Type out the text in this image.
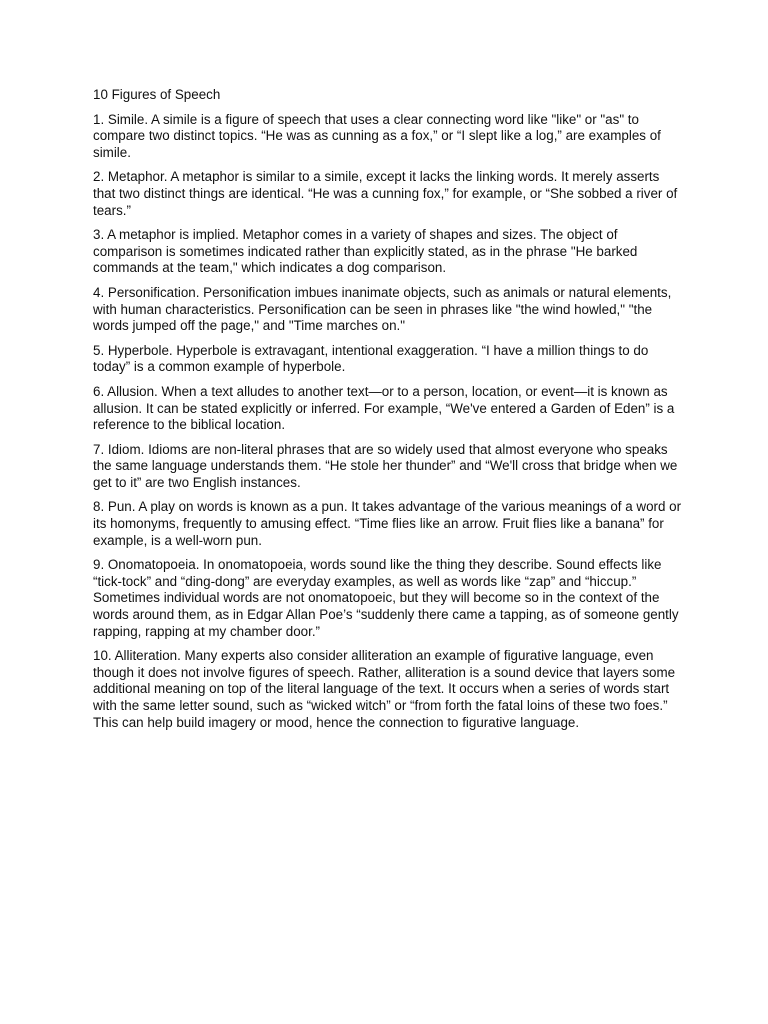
10 Figures of Speech

1. Simile. A simile is a figure of speech that uses a clear connecting word like "like" or "as" to compare two distinct topics. “He was as cunning as a fox,” or “I slept like a log,” are examples of simile.

2. Metaphor. A metaphor is similar to a simile, except it lacks the linking words. It merely asserts that two distinct things are identical. “He was a cunning fox,” for example, or “She sobbed a river of tears.”

3. A metaphor is implied. Metaphor comes in a variety of shapes and sizes. The object of comparison is sometimes indicated rather than explicitly stated, as in the phrase "He barked commands at the team," which indicates a dog comparison.

4. Personification. Personification imbues inanimate objects, such as animals or natural elements, with human characteristics. Personification can be seen in phrases like "the wind howled," "the words jumped off the page," and "Time marches on."

5. Hyperbole. Hyperbole is extravagant, intentional exaggeration. “I have a million things to do today” is a common example of hyperbole.

6. Allusion. When a text alludes to another text—or to a person, location, or event—it is known as allusion. It can be stated explicitly or inferred. For example, “We've entered a Garden of Eden” is a reference to the biblical location.

7. Idiom. Idioms are non-literal phrases that are so widely used that almost everyone who speaks the same language understands them. “He stole her thunder” and “We'll cross that bridge when we get to it” are two English instances.

8. Pun. A play on words is known as a pun. It takes advantage of the various meanings of a word or its homonyms, frequently to amusing effect. “Time flies like an arrow. Fruit flies like a banana” for example, is a well-worn pun.

9. Onomatopoeia. In onomatopoeia, words sound like the thing they describe. Sound effects like “tick-tock” and “ding-dong” are everyday examples, as well as words like “zap” and “hiccup.” Sometimes individual words are not onomatopoeic, but they will become so in the context of the words around them, as in Edgar Allan Poe’s “suddenly there came a tapping, as of someone gently rapping, rapping at my chamber door.”

10. Alliteration. Many experts also consider alliteration an example of figurative language, even though it does not involve figures of speech. Rather, alliteration is a sound device that layers some additional meaning on top of the literal language of the text. It occurs when a series of words start with the same letter sound, such as “wicked witch” or “from forth the fatal loins of these two foes.” This can help build imagery or mood, hence the connection to figurative language.
